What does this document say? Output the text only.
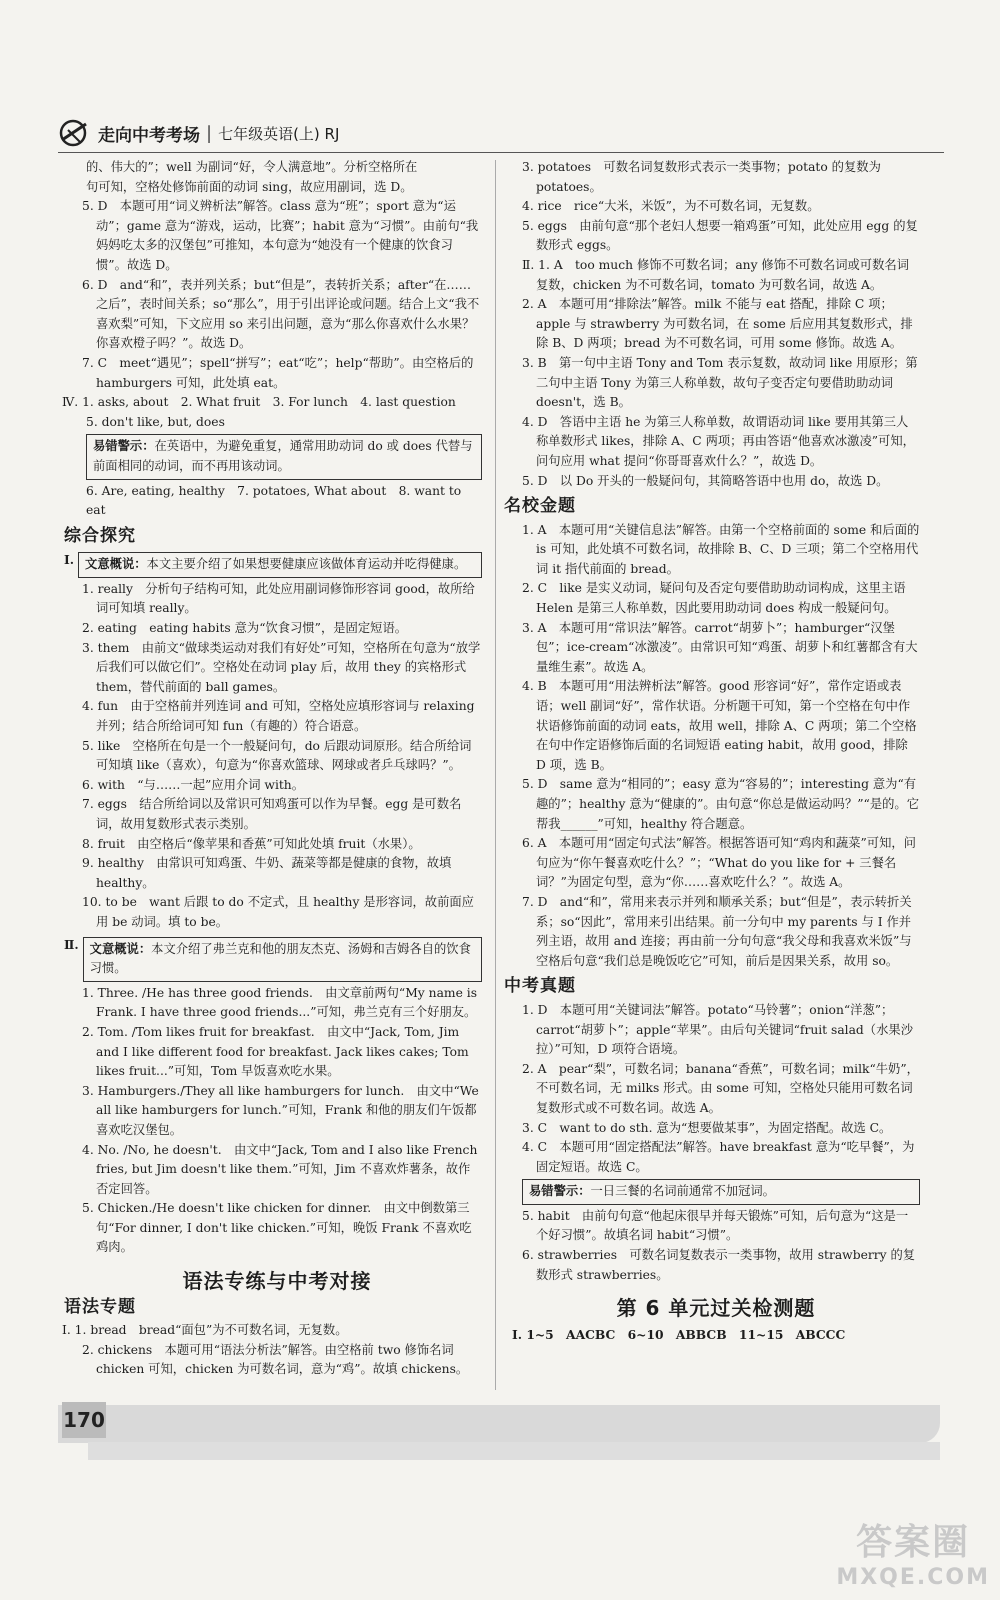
走向中考考场 | 七年级英语(上) RJ
的、伟大的”；well 为副词“好，令人满意地”。分析空格所在
句可知，空格处修饰前面的动词 sing，故应用副词，选 D。
5. D　本题可用“词义辨析法”解答。class 意为“班”；sport 意为“运动”；game 意为“游戏，运动，比赛”；habit 意为“习惯”。由前句“我妈妈吃太多的汉堡包”可推知，本句意为“她没有一个健康的饮食习惯”。故选 D。
6. D　and“和”，表并列关系；but“但是”，表转折关系；after“在……之后”，表时间关系；so“那么”，用于引出评论或问题。结合上文“我不喜欢梨”可知，下文应用 so 来引出问题，意为“那么你喜欢什么水果？你喜欢橙子吗？”。故选 D。
7. C　meet“遇见”；spell“拼写”；eat“吃”；help“帮助”。由空格后的 hamburgers 可知，此处填 eat。
Ⅳ. 1. asks, about　2. What fruit　3. For lunch　4. last question
5. don't like, but, does
易错警示：在英语中，为避免重复，通常用助动词 do 或 does 代替与前面相同的动词，而不再用该动词。
6. Are, eating, healthy　7. potatoes, What about　8. want to eat
综合探究
Ⅰ. 文意概说：本文主要介绍了如果想要健康应该做体育运动并吃得健康。
1. really　分析句子结构可知，此处应用副词修饰形容词 good，故所给词可知填 really。
2. eating　eating habits 意为“饮食习惯”，是固定短语。
3. them　由前文“做球类运动对我们有好处”可知，空格所在句意为“放学后我们可以做它们”。空格处在动词 play 后，故用 they 的宾格形式 them，替代前面的 ball games。
4. fun　由于空格前并列连词 and 可知，空格处应填形容词与 relaxing 并列；结合所给词可知 fun（有趣的）符合语意。
5. like　空格所在句是一个一般疑问句，do 后跟动词原形。结合所给词可知填 like（喜欢），句意为“你喜欢篮球、网球或者乒乓球吗？”。
6. with　“与……一起”应用介词 with。
7. eggs　结合所给词以及常识可知鸡蛋可以作为早餐。egg 是可数名词，故用复数形式表示类别。
8. fruit　由空格后“像苹果和香蕉”可知此处填 fruit（水果）。
9. healthy　由常识可知鸡蛋、牛奶、蔬菜等都是健康的食物，故填 healthy。
10. to be　want 后跟 to do 不定式，且 healthy 是形容词，故前面应用 be 动词。填 to be。
Ⅱ. 文意概说：本文介绍了弗兰克和他的朋友杰克、汤姆和吉姆各自的饮食习惯。
1. Three. /He has three good friends.　由文章前两句“My name is Frank. I have three good friends...”可知，弗兰克有三个好朋友。
2. Tom. /Tom likes fruit for breakfast.　由文中“Jack, Tom, Jim and I like different food for breakfast. Jack likes cakes; Tom likes fruit...”可知，Tom 早饭喜欢吃水果。
3. Hamburgers./They all like hamburgers for lunch.　由文中“We all like hamburgers for lunch.”可知，Frank 和他的朋友们午饭都喜欢吃汉堡包。
4. No. /No, he doesn't.　由文中“Jack, Tom and I also like French fries, but Jim doesn't like them.”可知，Jim 不喜欢炸薯条，故作否定回答。
5. Chicken./He doesn't like chicken for dinner.　由文中倒数第三句“For dinner, I don't like chicken.”可知，晚饭 Frank 不喜欢吃鸡肉。
语法专练与中考对接
语法专题
Ⅰ. 1. bread　bread“面包”为不可数名词，无复数。
2. chickens　本题可用“语法分析法”解答。由空格前 two 修饰名词 chicken 可知，chicken 为可数名词，意为“鸡”。故填 chickens。
3. potatoes　可数名词复数形式表示一类事物；potato 的复数为 potatoes。
4. rice　rice“大米，米饭”，为不可数名词，无复数。
5. eggs　由前句意“那个老妇人想要一箱鸡蛋”可知，此处应用 egg 的复数形式 eggs。
Ⅱ. 1. A　too much 修饰不可数名词；any 修饰不可数名词或可数名词复数，chicken 为不可数名词，tomato 为可数名词，故选 A。
2. A　本题可用“排除法”解答。milk 不能与 eat 搭配，排除 C 项；apple 与 strawberry 为可数名词，在 some 后应用其复数形式，排除 B、D 两项；bread 为不可数名词，可用 some 修饰。故选 A。
3. B　第一句中主语 Tony and Tom 表示复数，故动词 like 用原形；第二句中主语 Tony 为第三人称单数，故句子变否定句要借助助动词 doesn't，选 B。
4. D　答语中主语 he 为第三人称单数，故谓语动词 like 要用其第三人称单数形式 likes，排除 A、C 两项；再由答语“他喜欢冰激凌”可知，问句应用 what 提问“你哥哥喜欢什么？”，故选 D。
5. D　以 Do 开头的一般疑问句，其简略答语中也用 do，故选 D。
名校金题
1. A　本题可用“关键信息法”解答。由第一个空格前面的 some 和后面的 is 可知，此处填不可数名词，故排除 B、C、D 三项；第二个空格用代词 it 指代前面的 bread。
2. C　like 是实义动词，疑问句及否定句要借助助动词构成，这里主语 Helen 是第三人称单数，因此要用助动词 does 构成一般疑问句。
3. A　本题可用“常识法”解答。carrot“胡萝卜”；hamburger“汉堡包”；ice-cream“冰激凌”。由常识可知“鸡蛋、胡萝卜和红薯都含有大量维生素”。故选 A。
4. B　本题可用“用法辨析法”解答。good 形容词“好”，常作定语或表语；well 副词“好”，常作状语。分析题干可知，第一个空格在句中作状语修饰前面的动词 eats，故用 well，排除 A、C 两项；第二个空格在句中作定语修饰后面的名词短语 eating habit，故用 good，排除 D 项，选 B。
5. D　same 意为“相同的”；easy 意为“容易的”；interesting 意为“有趣的”；healthy 意为“健康的”。由句意“你总是做运动吗？”“是的。它帮我______”可知，healthy 符合题意。
6. A　本题可用“固定句式法”解答。根据答语可知“鸡肉和蔬菜”可知，问句应为“你午餐喜欢吃什么？”；“What do you like for + 三餐名词？”为固定句型，意为“你……喜欢吃什么？”。故选 A。
7. D　and“和”，常用来表示并列和顺承关系；but“但是”，表示转折关系；so“因此”，常用来引出结果。前一分句中 my parents 与 I 作并列主语，故用 and 连接；再由前一分句句意“我父母和我喜欢米饭”与空格后句意“我们总是晚饭吃它”可知，前后是因果关系，故用 so。
中考真题
1. D　本题可用“关键词法”解答。potato“马铃薯”；onion“洋葱”；carrot“胡萝卜”；apple“苹果”。由后句关键词“fruit salad（水果沙拉）”可知，D 项符合语境。
2. A　pear“梨”，可数名词；banana“香蕉”，可数名词；milk“牛奶”，不可数名词，无 milks 形式。由 some 可知，空格处只能用可数名词复数形式或不可数名词。故选 A。
3. C　want to do sth. 意为“想要做某事”，为固定搭配。故选 C。
4. C　本题可用“固定搭配法”解答。have breakfast 意为“吃早餐”，为固定短语。故选 C。
易错警示：一日三餐的名词前通常不加冠词。
5. habit　由前句句意“他起床很早并每天锻炼”可知，后句意为“这是一个好习惯”。故填名词 habit“习惯”。
6. strawberries　可数名词复数表示一类事物，故用 strawberry 的复数形式 strawberries。
第 6 单元过关检测题
Ⅰ. 1~5　AACBC　6~10　ABBCB　11~15　ABCCC
170
答案圈
MXQE.COM
